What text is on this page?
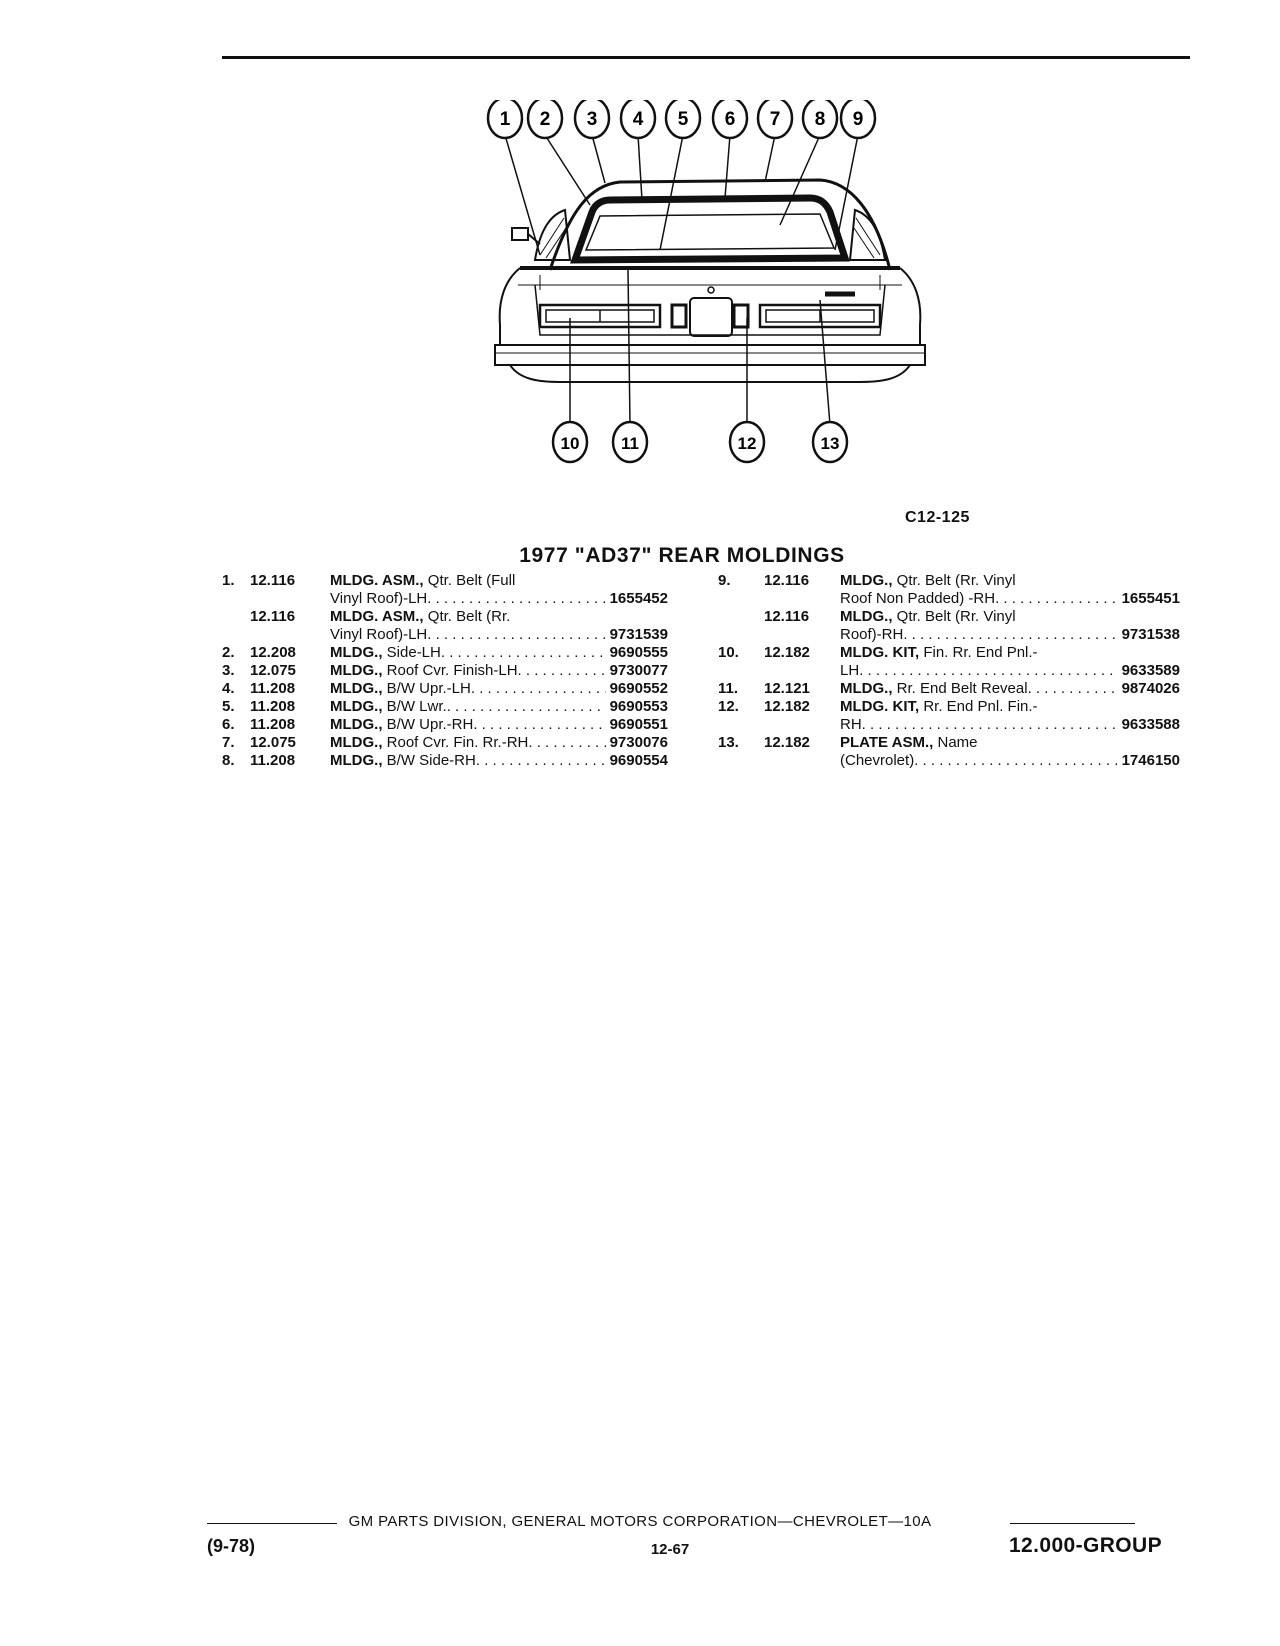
1 2 3 4 5 6 7 8 9
10 11	12	13
C12-125
1977 "AD37" REAR MOLDINGS
1. 12.116 MLDG. ASM., Qtr. Belt (Full
Vinyl Roof)-LH . . .	1655452
12.116 MLDG. ASM., Qtr. Belt (Rr.
Vinyl Roof)-LH . . .	9731539
2. 12.208 MLDG., Side-LH . . .	9690555
3. 12.075 MLDG., Roof Cvr. Finish-LH . . .	9730077
4. 11.208 MLDG., B/W Upr.-LH . . .	9690552
5. 11.208 MLDG., B/W Lwr. . . .	9690553
6. 11.208 MLDG., B/W Upr.-RH . . .	9690551
7. 12.075 MLDG., Roof Cvr. Fin. Rr.-RH . . .	9730076
8. 11.208 MLDG., B/W Side-RH . . .	9690554
9. 12.116 MLDG., Qtr. Belt (Rr. Vinyl
Roof Non Padded) -RH . . .	1655451
12.116 MLDG., Qtr. Belt (Rr. Vinyl
Roof)-RH . . .	9731538
10. 12.182 MLDG. KIT, Fin. Rr. End Pnl.-
LH . . .	9633589
11. 12.121 MLDG., Rr. End Belt Reveal . . .	9874026
12. 12.182 MLDG. KIT, Rr. End Pnl. Fin.-
RH . . .	9633588
13. 12.182 PLATE ASM., Name
(Chevrolet) . . .	1746150
GM PARTS DIVISION, GENERAL MOTORS CORPORATION—CHEVROLET—10A
(9-78)	12-67	12.000-GROUP
